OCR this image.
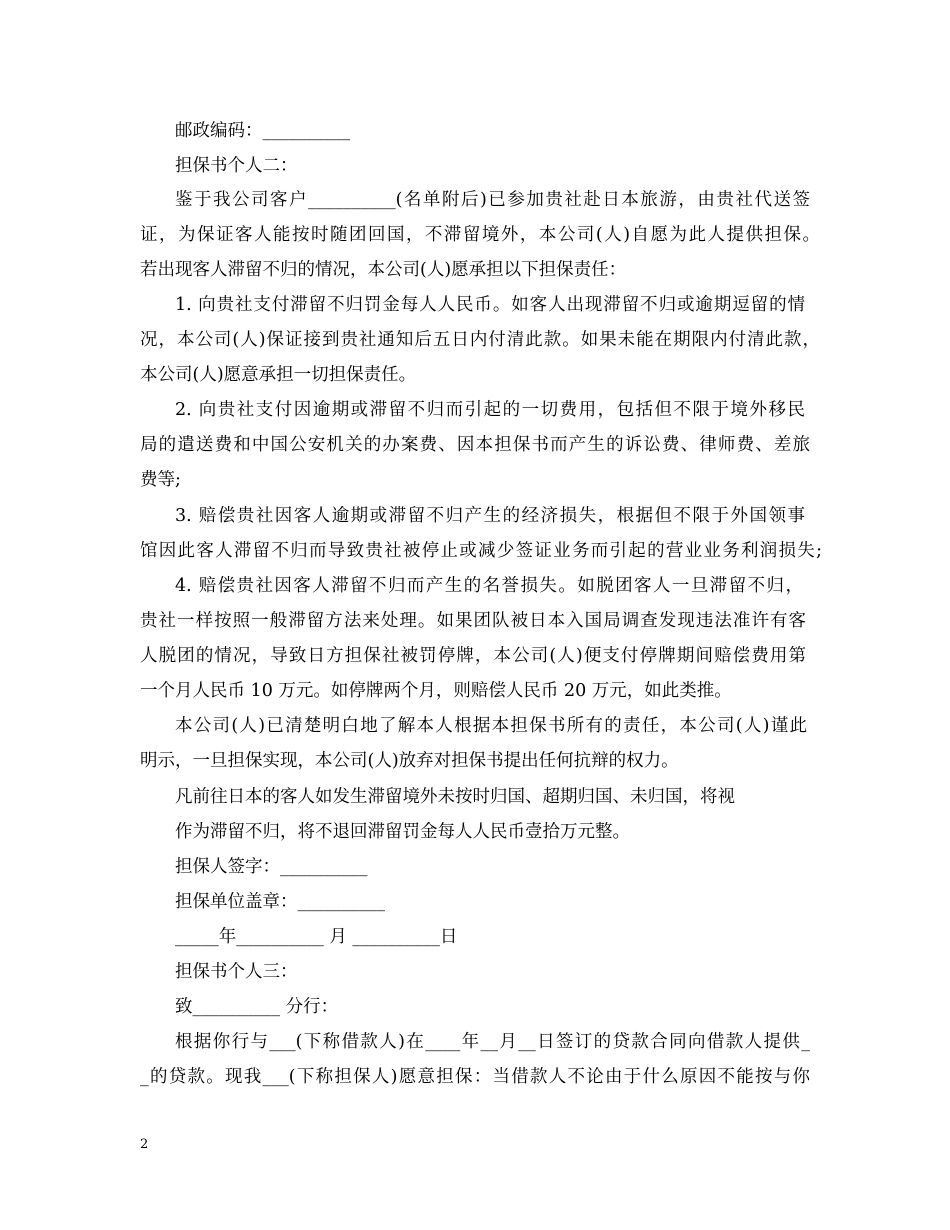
邮政编码：__________
担保书个人二：
鉴于我公司客户__________(名单附后)已参加贵社赴日本旅游，由贵社代送签
证，为保证客人能按时随团回国，不滞留境外，本公司(人)自愿为此人提供担保。
若出现客人滞留不归的情况，本公司(人)愿承担以下担保责任：
1. 向贵社支付滞留不归罚金每人人民币。如客人出现滞留不归或逾期逗留的情
况，本公司(人)保证接到贵社通知后五日内付清此款。如果未能在期限内付清此款，
本公司(人)愿意承担一切担保责任。
2. 向贵社支付因逾期或滞留不归而引起的一切费用，包括但不限于境外移民
局的遣送费和中国公安机关的办案费、因本担保书而产生的诉讼费、律师费、差旅
费等;
3. 赔偿贵社因客人逾期或滞留不归产生的经济损失，根据但不限于外国领事
馆因此客人滞留不归而导致贵社被停止或减少签证业务而引起的营业业务利润损失;
4. 赔偿贵社因客人滞留不归而产生的名誉损失。如脱团客人一旦滞留不归，
贵社一样按照一般滞留方法来处理。如果团队被日本入国局调查发现违法准许有客
人脱团的情况，导致日方担保社被罚停牌，本公司(人)便支付停牌期间赔偿费用第
一个月人民币 10 万元。如停牌两个月，则赔偿人民币 20 万元，如此类推。
本公司(人)已清楚明白地了解本人根据本担保书所有的责任，本公司(人)谨此
明示，一旦担保实现，本公司(人)放弃对担保书提出任何抗辩的权力。
凡前往日本的客人如发生滞留境外未按时归国、超期归国、未归国，将视
作为滞留不归，将不退回滞留罚金每人人民币壹拾万元整。
担保人签字：__________
担保单位盖章：__________
_____年__________ 月 __________日
担保书个人三：
致__________ 分行：
根据你行与___(下称借款人)在____年__月__日签订的贷款合同向借款人提供_
_的贷款。现我___(下称担保人)愿意担保：当借款人不论由于什么原因不能按与你
2
